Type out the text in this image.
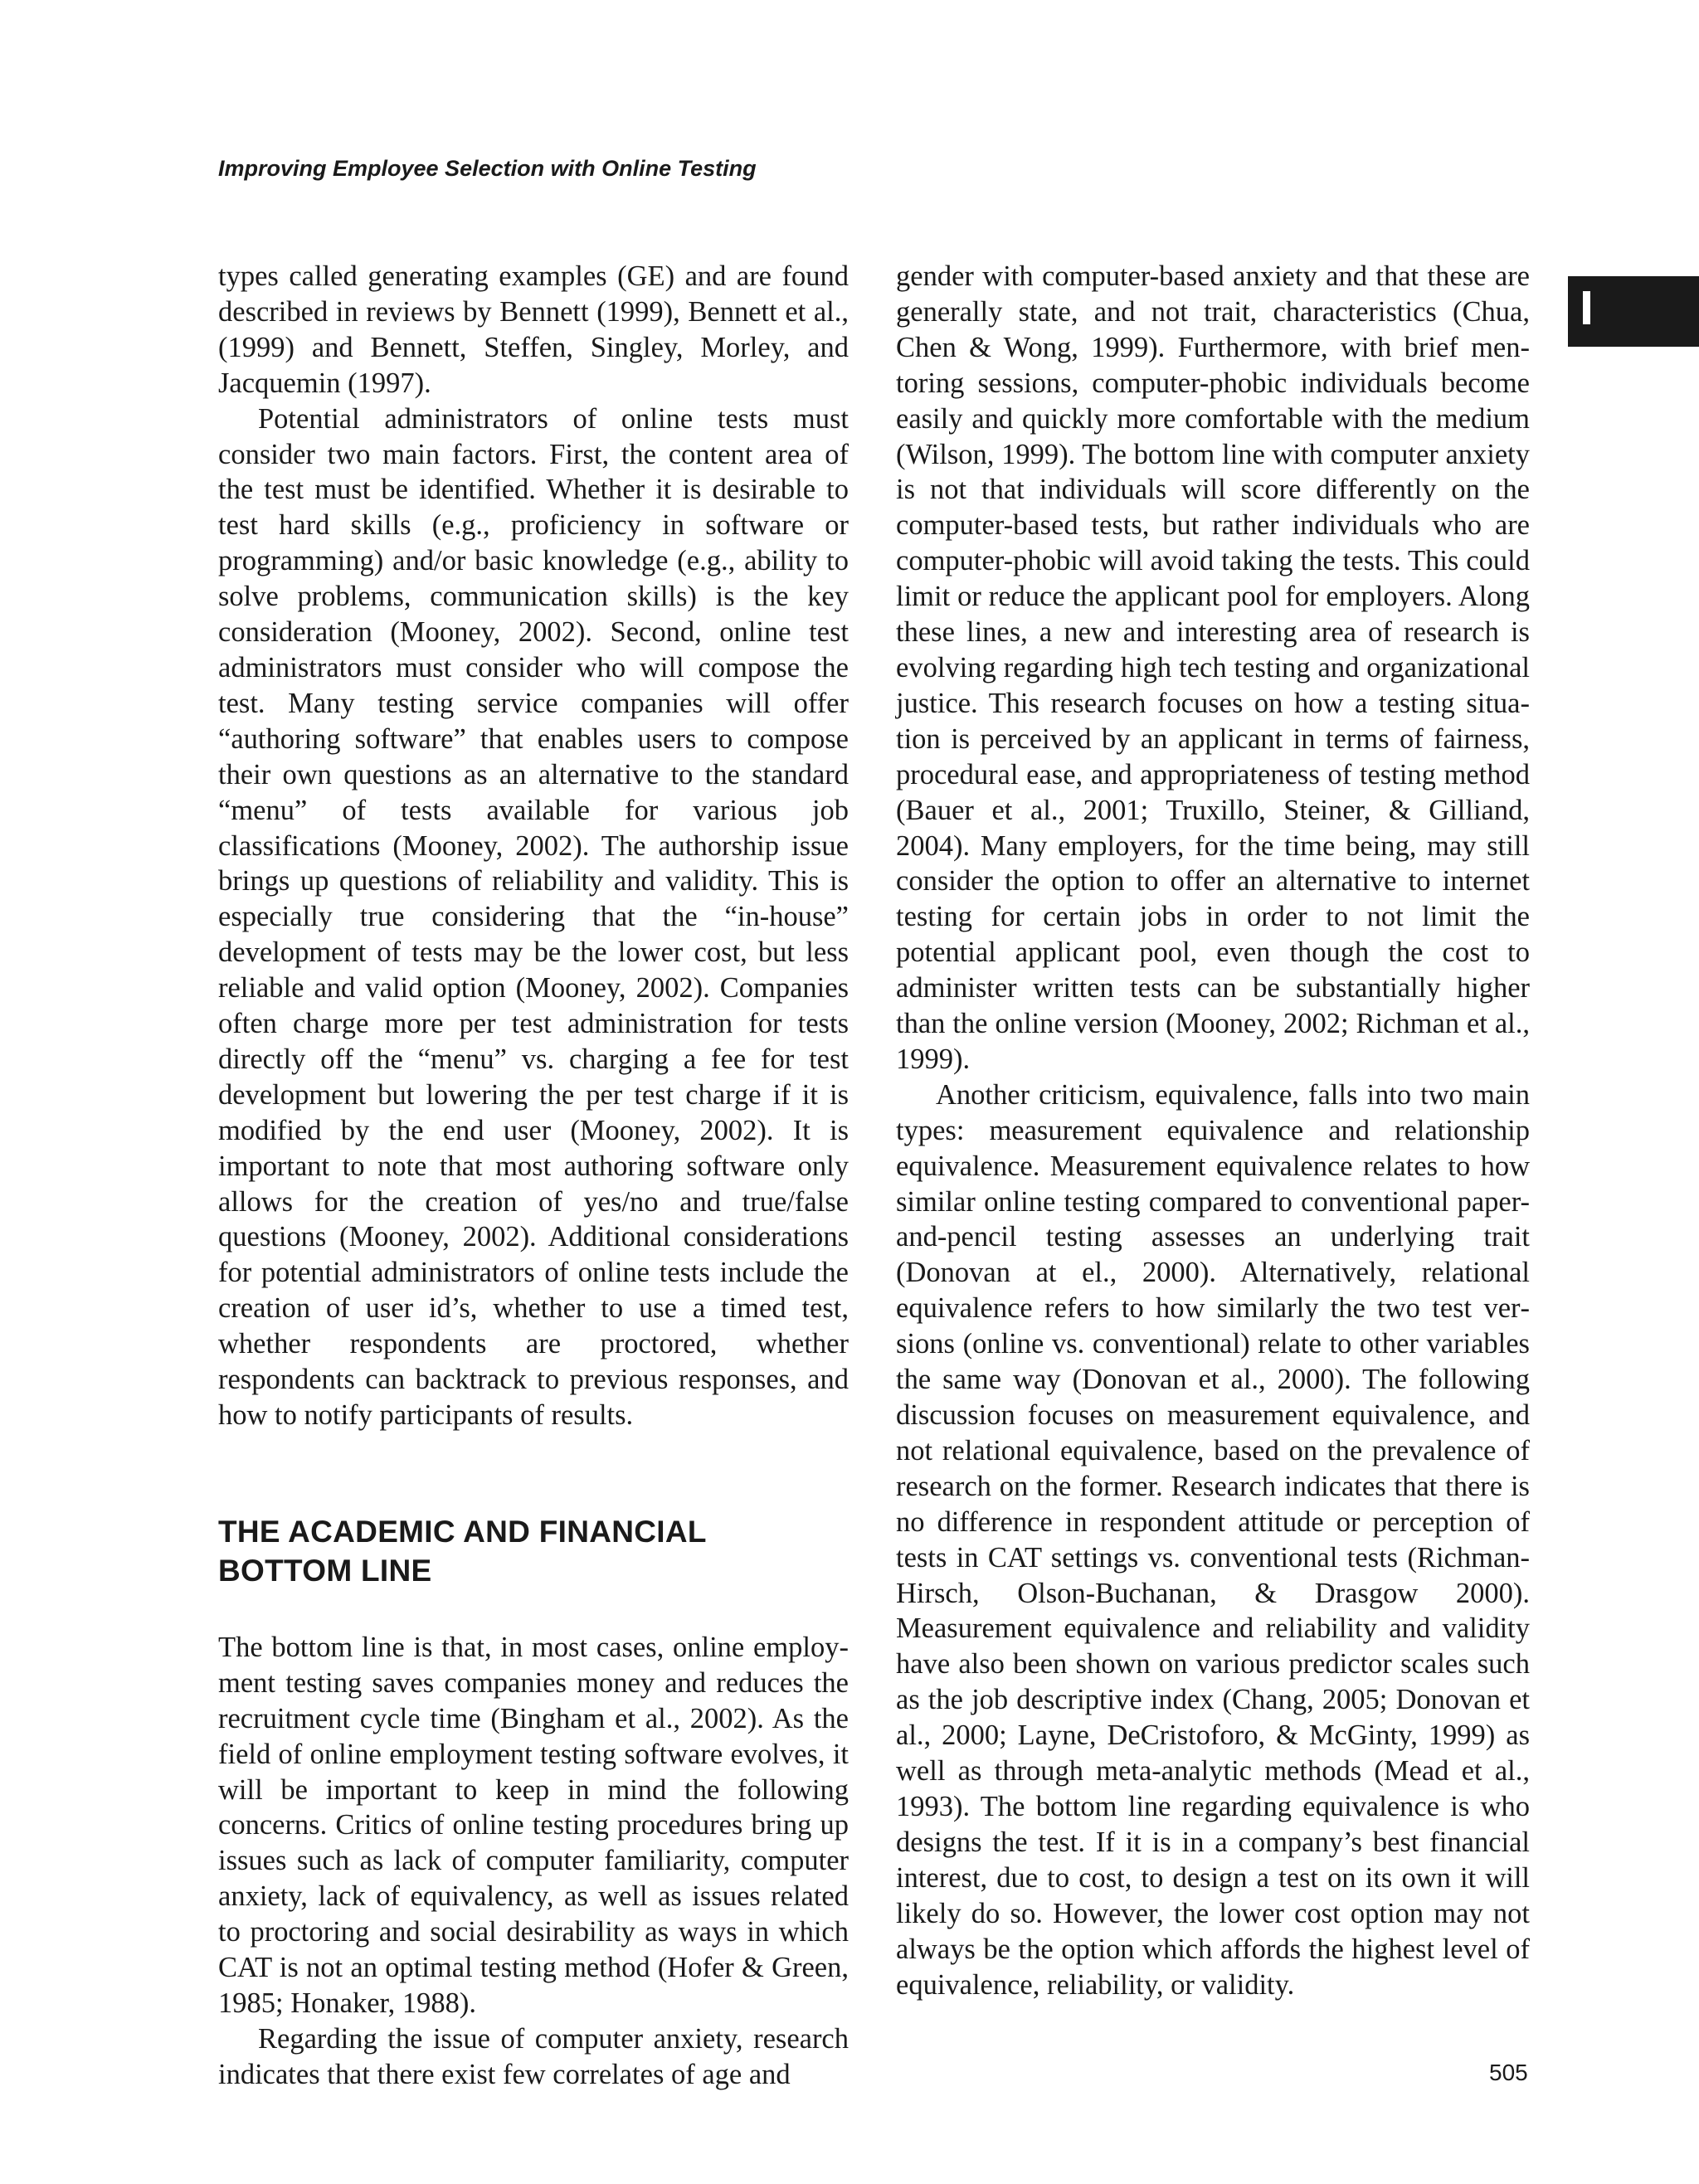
Improving Employee Selection with Online Testing

types called generating examples (GE) and are found described in reviews by Bennett (1999), Bennett et al., (1999) and Bennett, Steffen, Singley, Morley, and Jacquemin (1997).

Potential administrators of online tests must consider two main factors. First, the content area of the test must be identified. Whether it is desirable to test hard skills (e.g., proficiency in software or programming) and/or basic knowledge (e.g., ability to solve problems, communication skills) is the key consideration (Mooney, 2002). Second, online test administrators must consider who will compose the test. Many testing service companies will offer “authoring software” that enables users to compose their own questions as an alternative to the standard “menu” of tests available for various job classifications (Mooney, 2002). The authorship issue brings up questions of reliability and validity. This is especially true considering that the “in-house” development of tests may be the lower cost, but less reliable and valid option (Mooney, 2002). Companies often charge more per test administration for tests directly off the “menu” vs. charging a fee for test development but lowering the per test charge if it is modified by the end user (Mooney, 2002). It is important to note that most authoring software only allows for the creation of yes/no and true/false questions (Mooney, 2002). Additional considerations for potential administrators of online tests include the creation of user id’s, whether to use a timed test, whether respondents are proctored, whether respondents can backtrack to previous responses, and how to notify participants of results.

THE ACADEMIC AND FINANCIAL
BOTTOM LINE

The bottom line is that, in most cases, online employment testing saves companies money and reduces the recruitment cycle time (Bingham et al., 2002). As the field of online employment testing software evolves, it will be important to keep in mind the following concerns. Critics of online testing procedures bring up issues such as lack of computer familiarity, computer anxiety, lack of equivalency, as well as issues related to proctoring and social desirability as ways in which CAT is not an optimal testing method (Hofer & Green, 1985; Honaker, 1988).

Regarding the issue of computer anxiety, research indicates that there exist few correlates of age and

gender with computer-based anxiety and that these are generally state, and not trait, characteristics (Chua, Chen & Wong, 1999). Furthermore, with brief mentoring sessions, computer-phobic individuals become easily and quickly more comfortable with the medium (Wilson, 1999). The bottom line with computer anxiety is not that individuals will score differently on the computer-based tests, but rather individuals who are computer-phobic will avoid taking the tests. This could limit or reduce the applicant pool for employers. Along these lines, a new and interesting area of research is evolving regarding high tech testing and organizational justice. This research focuses on how a testing situation is perceived by an applicant in terms of fairness, procedural ease, and appropriateness of testing method (Bauer et al., 2001; Truxillo, Steiner, & Gilliand, 2004). Many employers, for the time being, may still consider the option to offer an alternative to internet testing for certain jobs in order to not limit the potential applicant pool, even though the cost to administer written tests can be substantially higher than the online version (Mooney, 2002; Richman et al., 1999).

Another criticism, equivalence, falls into two main types: measurement equivalence and relationship equivalence. Measurement equivalence relates to how similar online testing compared to conventional paper-and-pencil testing assesses an underlying trait (Donovan at el., 2000). Alternatively, relational equivalence refers to how similarly the two test versions (online vs. conventional) relate to other variables the same way (Donovan et al., 2000). The following discussion focuses on measurement equivalence, and not relational equivalence, based on the prevalence of research on the former. Research indicates that there is no difference in respondent attitude or perception of tests in CAT settings vs. conventional tests (Richman-Hirsch, Olson-Buchanan, & Drasgow 2000). Measurement equivalence and reliability and validity have also been shown on various predictor scales such as the job descriptive index (Chang, 2005; Donovan et al., 2000; Layne, DeCristoforo, & McGinty, 1999) as well as through meta-analytic methods (Mead et al., 1993). The bottom line regarding equivalence is who designs the test. If it is in a company’s best financial interest, due to cost, to design a test on its own it will likely do so. However, the lower cost option may not always be the option which affords the highest level of equivalence, reliability, or validity.

505
